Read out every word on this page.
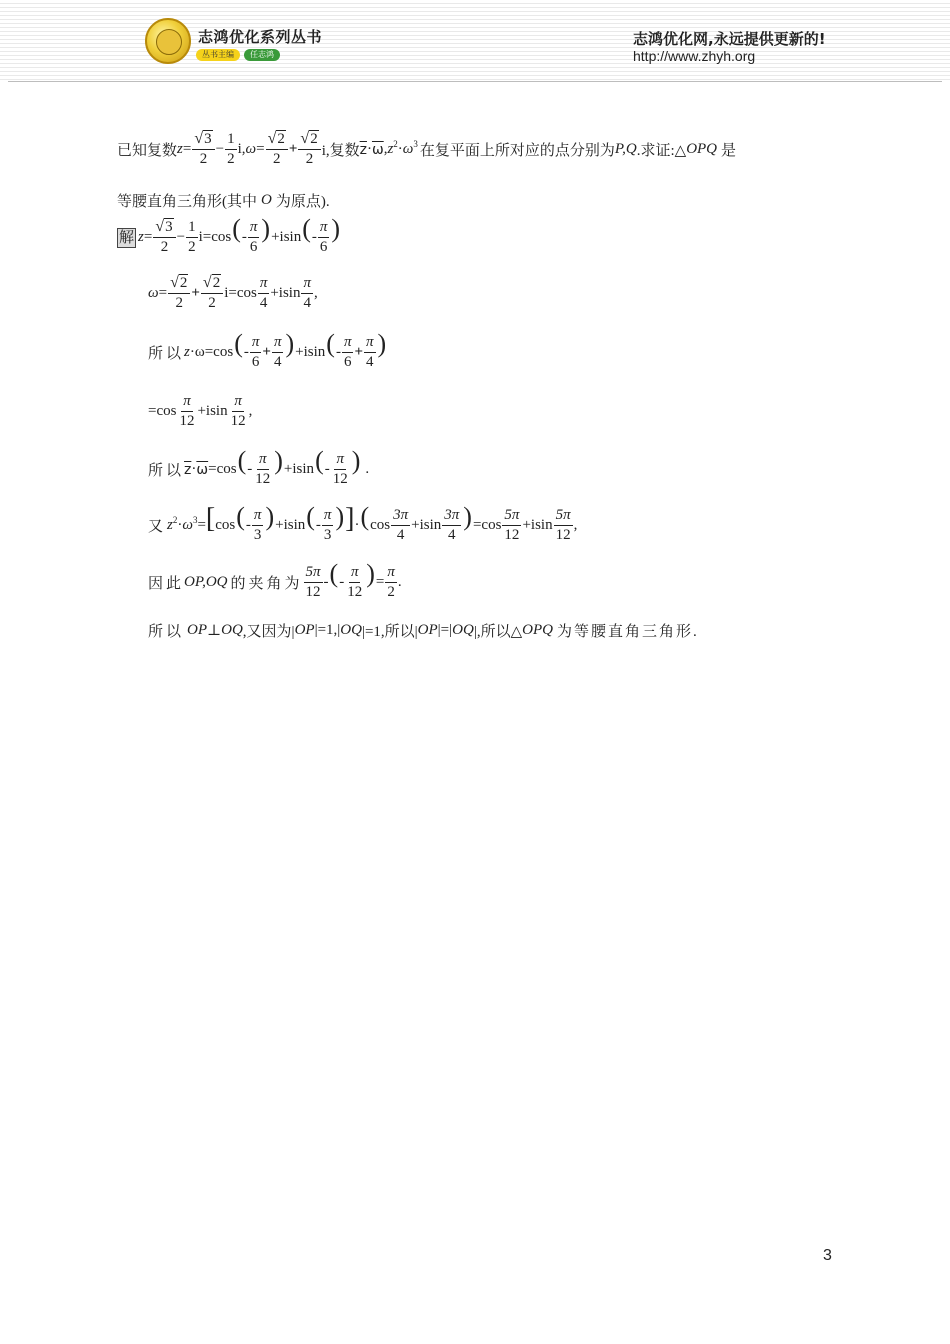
志鸿优化系列丛书
丛书主编	任志鸿
志鸿优化网,永远提供更新的!
http://www.zhyh.org
已知复数 $z = \frac{√ 3}{2} - \frac{1}{2} i$, $\omega = \frac{√ 2}{2} + \frac{√ 2}{2} i$,复数 $\overline{z} \cdot \overline{\omega}$ , z 2 · ω 3 在复平面上所对应的点分别为 P,Q .求证:△ OPQ 是
等腰直角三角形(其中 O 为原点).
解 $z = \frac{√ 3}{2} - \frac{1}{2} i=\cos$ ( - $\frac{\pi}{6}$ ) +isin ( - $\frac{\pi}{6}$ )
$\omega = \frac{√ 2}{2} + \frac{√ 2}{2} i=\cos \frac{\pi}{4} +isin \frac{\pi}{4}$ ,
所以 z ·ω=cos ( - $\frac{\pi}{6} + \frac{\pi}{4}$ ) +isin ( - $\frac{\pi}{6} + \frac{\pi}{4}$ )
$=\cos \frac{\pi}{12} +isin \frac{\pi}{12}$ ,
所以 $\overline{z} \cdot \overline{\omega} =\cos$ ( - $\frac{\pi}{12}$ ) +isin ( - $\frac{\pi}{12}$ ) .
又 z 2 · ω 3 = [ cos ( - $\frac{\pi}{3}$ ) +isin ( - $\frac{\pi}{3}$ ) ] · ( $\cos \frac{3\pi}{4} +isin \frac{3\pi}{4}$ ) $=\cos \frac{5\pi}{12} +isin \frac{5\pi}{12}$ ,
因此 OP,OQ 的夹角为 $\frac{5\pi}{12}$ - ( - $\frac{\pi}{12}$ ) = $\frac{\pi}{2}$ .
所以 OP ⊥ OQ ,又因为| OP |=1,| OQ |=1,所以| OP |=| OQ |,所以△ OPQ 为等腰直角三角形.
3
